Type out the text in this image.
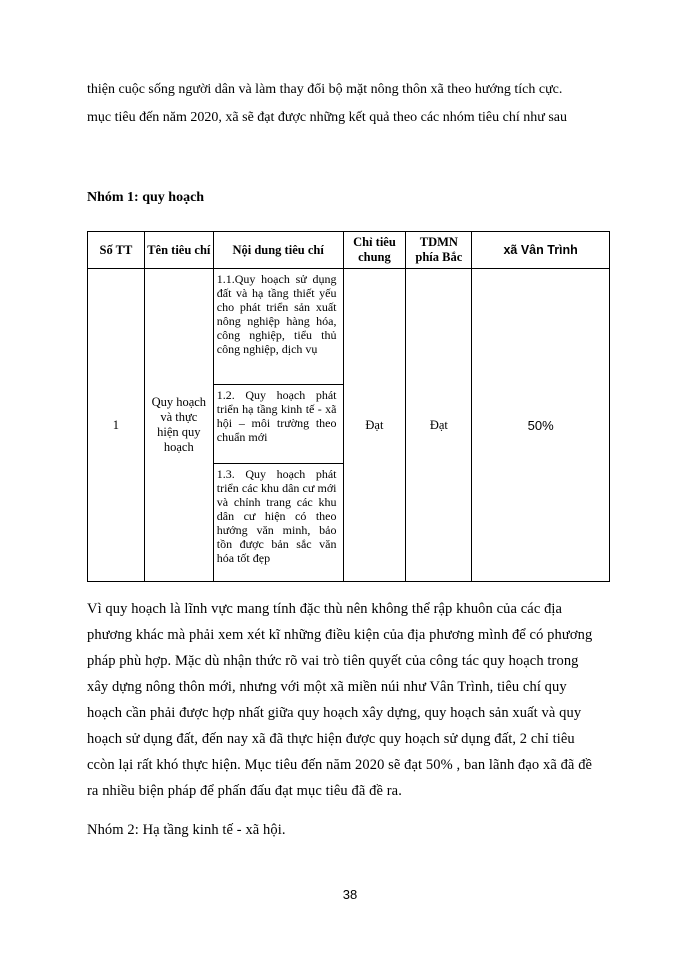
thiện cuộc sống người dân và làm thay đổi bộ mặt nông thôn xã theo hướng tích cực.
mục tiêu đến năm 2020, xã sẽ đạt được những kết quả theo các nhóm tiêu chí như sau
Nhóm 1: quy hoạch
Số TT	Tên tiêu chí	Nội dung tiêu chí	Chỉ tiêu chung	TDMN phía Bắc	xã Vân Trình
1	Quy hoạch và thực hiện quy hoạch	1.1.Quy hoạch sử dụng đất và hạ tầng thiết yếu cho phát triển sản xuất nông nghiệp hàng hóa, công nghiệp, tiểu thủ công nghiệp, dịch vụ
1.2. Quy hoạch phát triển hạ tầng kinh tế - xã hội – môi trường theo chuẩn mới
1.3. Quy hoạch phát triển các khu dân cư mới và chỉnh trang các khu dân cư hiện có theo hướng văn minh, bảo tồn được bản sắc văn hóa tốt đẹp	Đạt	Đạt	50%
Vì quy hoạch là lĩnh vực mang tính đặc thù nên không thể rập khuôn của các địa
phương khác mà phải xem xét kĩ những điều kiện của địa phương mình để có phương
pháp phù hợp. Mặc dù nhận thức rõ vai trò tiên quyết của công tác quy hoạch trong
xây dựng nông thôn mới, nhưng với một xã miền núi như Vân Trình, tiêu chí quy
hoạch cần phải được hợp nhất giữa quy hoạch xây dựng, quy hoạch sản xuất và quy
hoạch sử dụng đất, đến nay xã đã thực hiện được quy hoạch sử dụng đất, 2 chỉ tiêu
ccòn lại rất khó thực hiện. Mục tiêu đến năm 2020 sẽ đạt 50% , ban lãnh đạo xã đã đề
ra nhiều biện pháp để phấn đấu đạt mục tiêu đã đề ra.
Nhóm 2: Hạ tầng kinh tế - xã hội.
38
